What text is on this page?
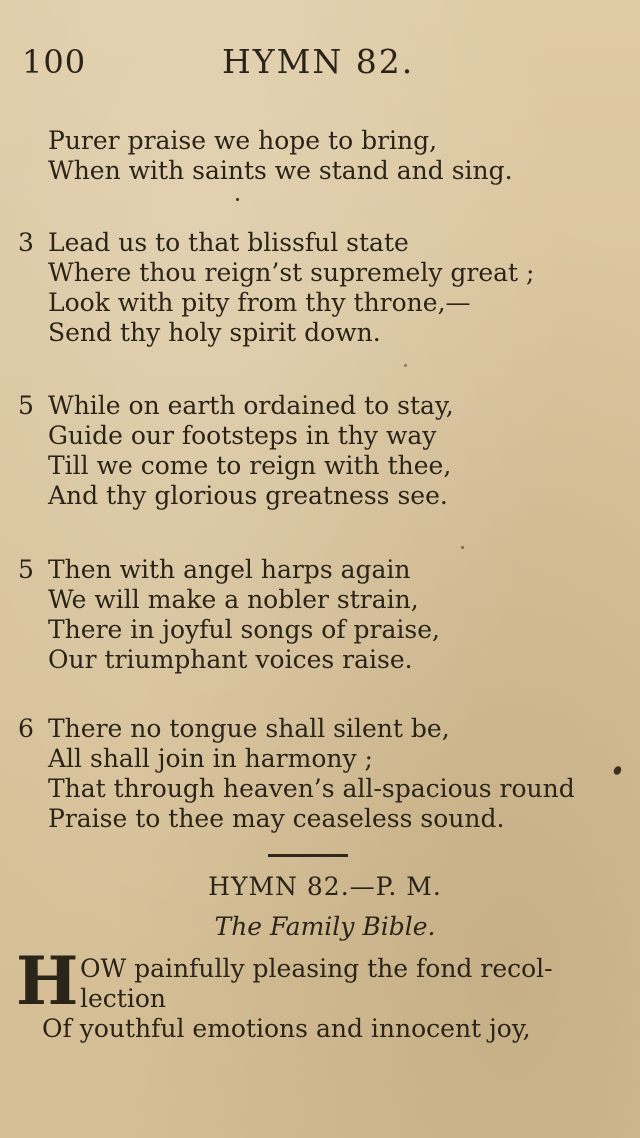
100	HYMN 82.
Purer praise we hope to bring,
When with saints we stand and sing.
3 Lead us to that blissful state
Where thou reign’st supremely great ;
Look with pity from thy throne,—
Send thy holy spirit down.
5 While on earth ordained to stay,
Guide our footsteps in thy way
Till we come to reign with thee,
And thy glorious greatness see.
5 Then with angel harps again
We will make a nobler strain,
There in joyful songs of praise,
Our triumphant voices raise.
6 There no tongue shall silent be,
All shall join in harmony ;
That through heaven’s all-spacious round
Praise to thee may ceaseless sound.
HYMN 82.—P. M.
The Family Bible.
H OW painfully pleasing the fond recol-
lection
Of youthful emotions and innocent joy,
